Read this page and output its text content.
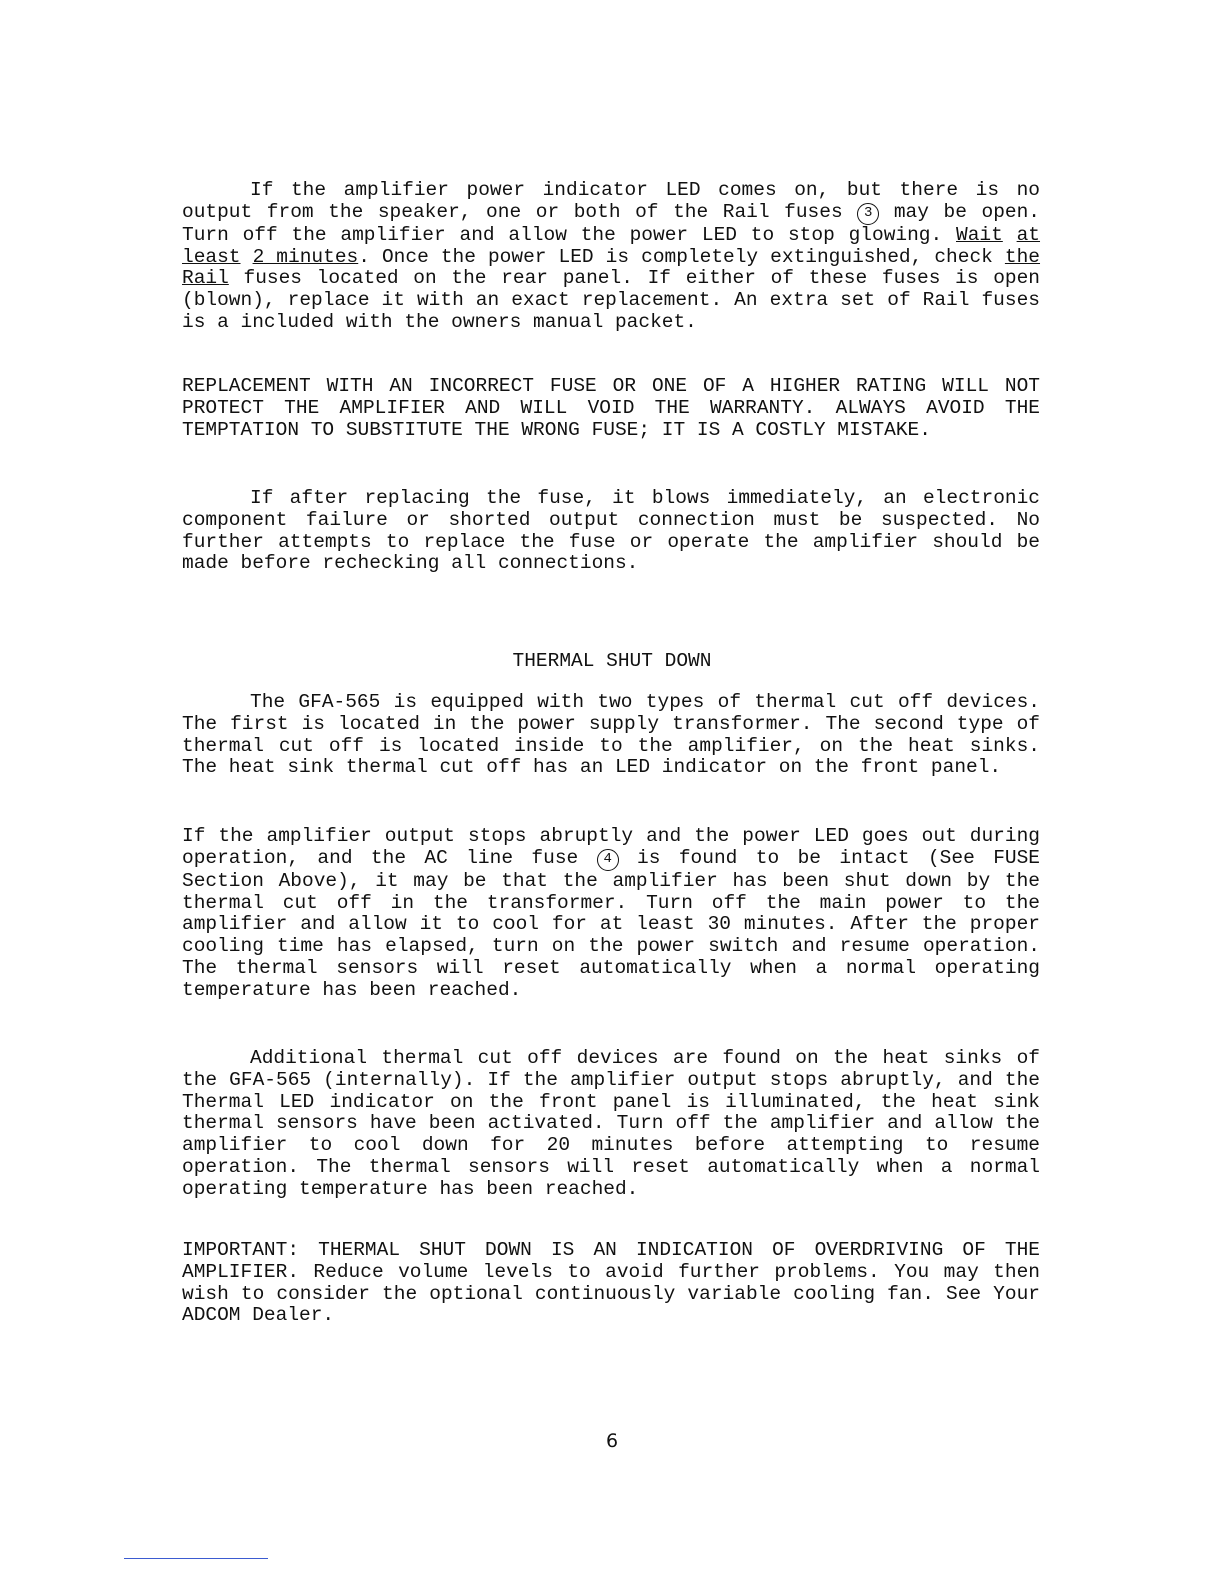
If the amplifier power indicator LED comes on, but there is no output from the speaker, one or both of the Rail fuses 3 may be open. Turn off the amplifier and allow the power LED to stop glowing. Wait at least 2 minutes. Once the power LED is completely extinguished, check the Rail fuses located on the rear panel. If either of these fuses is open (blown), replace it with an exact replacement. An extra set of Rail fuses is a included with the owners manual packet.

REPLACEMENT WITH AN INCORRECT FUSE OR ONE OF A HIGHER RATING WILL NOT PROTECT THE AMPLIFIER AND WILL VOID THE WARRANTY. ALWAYS AVOID THE TEMPTATION TO SUBSTITUTE THE WRONG FUSE; IT IS A COSTLY MISTAKE.

If after replacing the fuse, it blows immediately, an electronic component failure or shorted output connection must be suspected. No further attempts to replace the fuse or operate the amplifier should be made before rechecking all connections.

THERMAL SHUT DOWN

The GFA-565 is equipped with two types of thermal cut off devices. The first is located in the power supply transformer. The second type of thermal cut off is located inside to the amplifier, on the heat sinks. The heat sink thermal cut off has an LED indicator on the front panel.

If the amplifier output stops abruptly and the power LED goes out during operation, and the AC line fuse 4 is found to be intact (See FUSE Section Above), it may be that the amplifier has been shut down by the thermal cut off in the transformer. Turn off the main power to the amplifier and allow it to cool for at least 30 minutes. After the proper cooling time has elapsed, turn on the power switch and resume operation. The thermal sensors will reset automatically when a normal operating temperature has been reached.

Additional thermal cut off devices are found on the heat sinks of the GFA-565 (internally). If the amplifier output stops abruptly, and the Thermal LED indicator on the front panel is illuminated, the heat sink thermal sensors have been activated. Turn off the amplifier and allow the amplifier to cool down for 20 minutes before attempting to resume operation. The thermal sensors will reset automatically when a normal operating temperature has been reached.

IMPORTANT: THERMAL SHUT DOWN IS AN INDICATION OF OVERDRIVING OF THE AMPLIFIER. Reduce volume levels to avoid further problems. You may then wish to consider the optional continuously variable cooling fan. See Your ADCOM Dealer.

6
